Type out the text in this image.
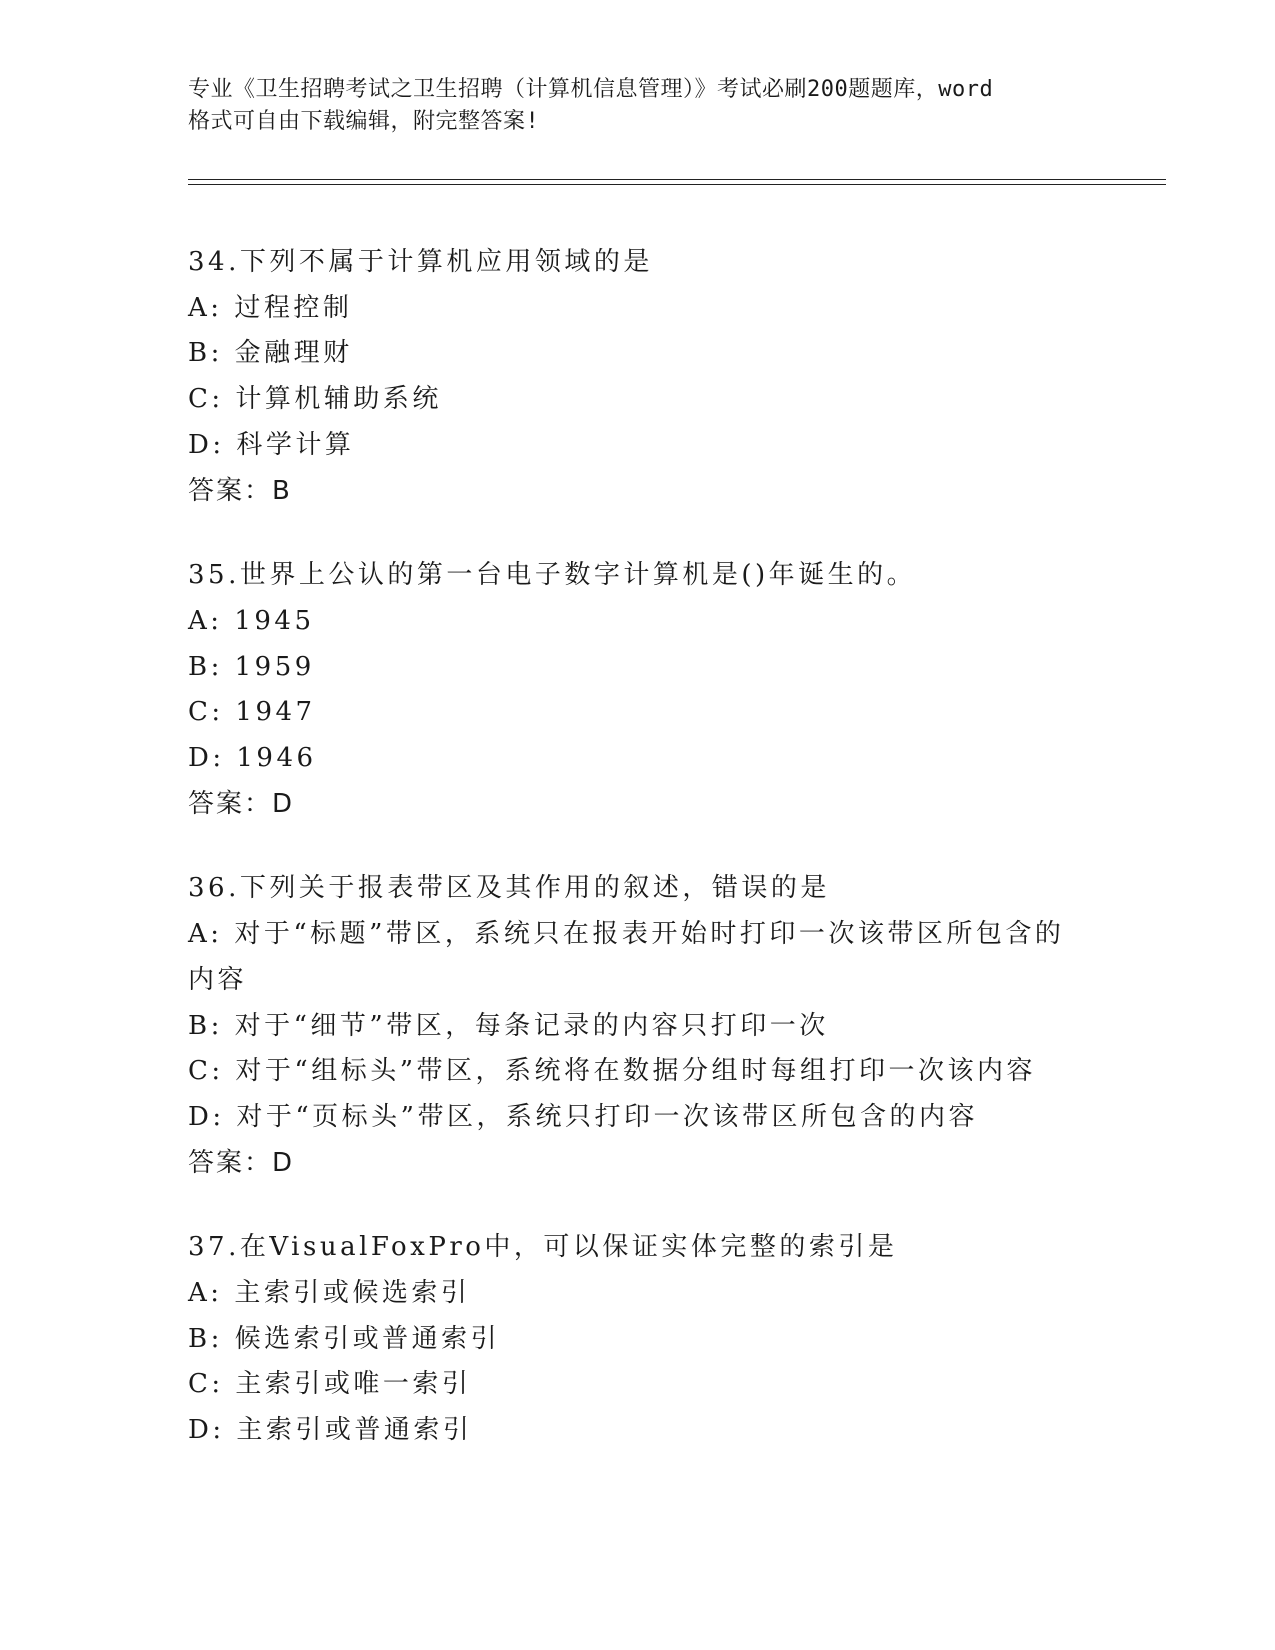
专业《卫生招聘考试之卫生招聘（计算机信息管理）》考试必刷200题题库，word
格式可自由下载编辑，附完整答案!
34.下列不属于计算机应用领域的是
A: 过程控制
B: 金融理财
C: 计算机辅助系统
D: 科学计算
答案：B
35.世界上公认的第一台电子数字计算机是()年诞生的。
A: 1945
B: 1959
C: 1947
D: 1946
答案：D
36.下列关于报表带区及其作用的叙述，错误的是
A: 对于“标题”带区，系统只在报表开始时打印一次该带区所包含的内容
B: 对于“细节”带区，每条记录的内容只打印一次
C: 对于“组标头”带区，系统将在数据分组时每组打印一次该内容
D: 对于“页标头”带区，系统只打印一次该带区所包含的内容
答案：D
37.在VisualFoxPro中，可以保证实体完整的索引是
A: 主索引或候选索引
B: 候选索引或普通索引
C: 主索引或唯一索引
D: 主索引或普通索引
